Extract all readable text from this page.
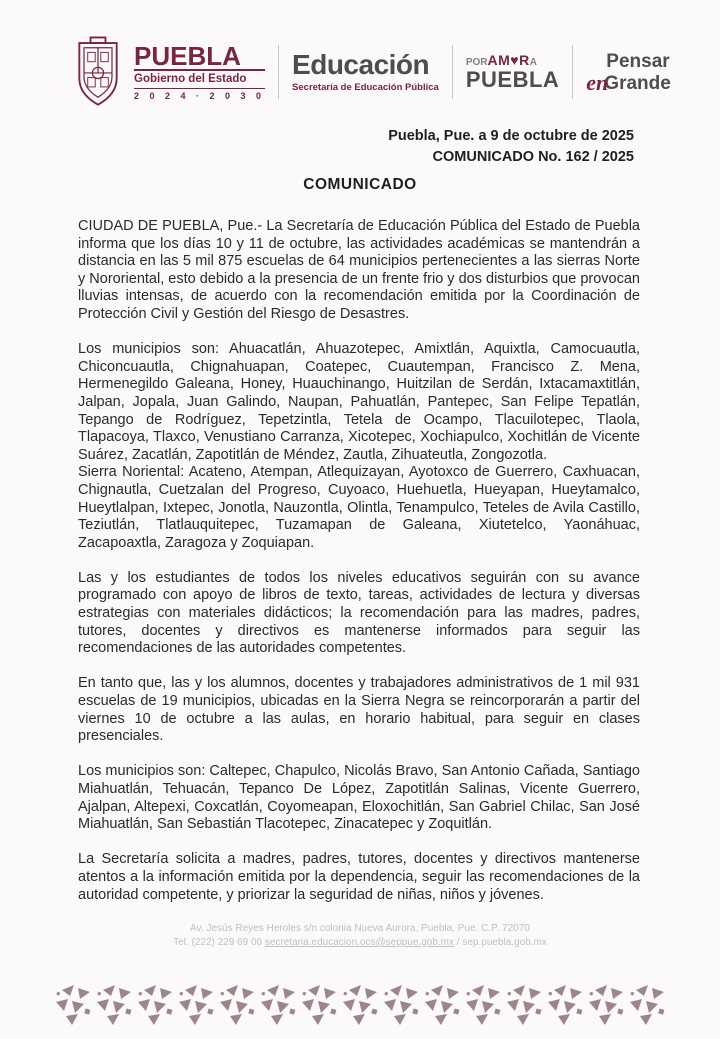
PUEBLA
Gobierno del Estado
2 0 2 4 · 2 0 3 0
Educación
Secretaría de Educación Pública
POR AM♥R A
PUEBLA
Pensar
en
Grande
Puebla, Pue. a 9 de octubre de 2025
COMUNICADO No. 162 / 2025
COMUNICADO

CIUDAD DE PUEBLA, Pue.- La Secretaría de Educación Pública del Estado de Puebla informa que los días 10 y 11 de octubre, las actividades académicas se mantendrán a distancia en las 5 mil 875 escuelas de 64 municipios pertenecientes a las sierras Norte y Nororiental, esto debido a la presencia de un frente frio y dos disturbios que provocan lluvias intensas, de acuerdo con la recomendación emitida por la Coordinación de Protección Civil y Gestión del Riesgo de Desastres.

Los municipios son: Ahuacatlán, Ahuazotepec, Amixtlán, Aquixtla, Camocuautla, Chiconcuautla, Chignahuapan, Coatepec, Cuautempan, Francisco Z. Mena, Hermenegildo Galeana, Honey, Huauchinango, Huitzilan de Serdán, Ixtacamaxtitlán, Jalpan, Jopala, Juan Galindo, Naupan, Pahuatlán, Pantepec, San Felipe Tepatlán, Tepango de Rodríguez, Tepetzintla, Tetela de Ocampo, Tlacuilotepec, Tlaola, Tlapacoya, Tlaxco, Venustiano Carranza, Xicotepec, Xochiapulco, Xochitlán de Vicente Suárez, Zacatlán, Zapotitlán de Méndez, Zautla, Zihuateutla, Zongozotla.

Sierra Noriental: Acateno, Atempan, Atlequizayan, Ayotoxco de Guerrero, Caxhuacan, Chignautla, Cuetzalan del Progreso, Cuyoaco, Huehuetla, Hueyapan, Hueytamalco, Hueytlalpan, Ixtepec, Jonotla, Nauzontla, Olintla, Tenampulco, Teteles de Avila Castillo, Teziutlán, Tlatlauquitepec, Tuzamapan de Galeana, Xiutetelco, Yaonáhuac, Zacapoaxtla, Zaragoza y Zoquiapan.

Las y los estudiantes de todos los niveles educativos seguirán con su avance programado con apoyo de libros de texto, tareas, actividades de lectura y diversas estrategias con materiales didácticos; la recomendación para las madres, padres, tutores, docentes y directivos es mantenerse informados para seguir las recomendaciones de las autoridades competentes.

En tanto que, las y los alumnos, docentes y trabajadores administrativos de 1 mil 931 escuelas de 19 municipios, ubicadas en la Sierra Negra se reincorporarán a partir del viernes 10 de octubre a las aulas, en horario habitual, para seguir en clases presenciales.

Los municipios son: Caltepec, Chapulco, Nicolás Bravo, San Antonio Cañada, Santiago Miahuatlán, Tehuacán, Tepanco De López, Zapotitlán Salinas, Vicente Guerrero, Ajalpan, Altepexi, Coxcatlán, Coyomeapan, Eloxochitlán, San Gabriel Chilac, San José Miahuatlán, San Sebastián Tlacotepec, Zinacatepec y Zoquitlán.

La Secretaría solicita a madres, padres, tutores, docentes y directivos mantenerse atentos a la información emitida por la dependencia, seguir las recomendaciones de la autoridad competente, y priorizar la seguridad de niñas, niños y jóvenes.

Av. Jesús Reyes Heroles s/n colonia Nueva Aurora, Puebla, Pue. C.P. 72070
Tel. (222) 229 69 00 secretaria.educacion.ocs@seppue.gob.mx / sep.puebla.gob.mx
